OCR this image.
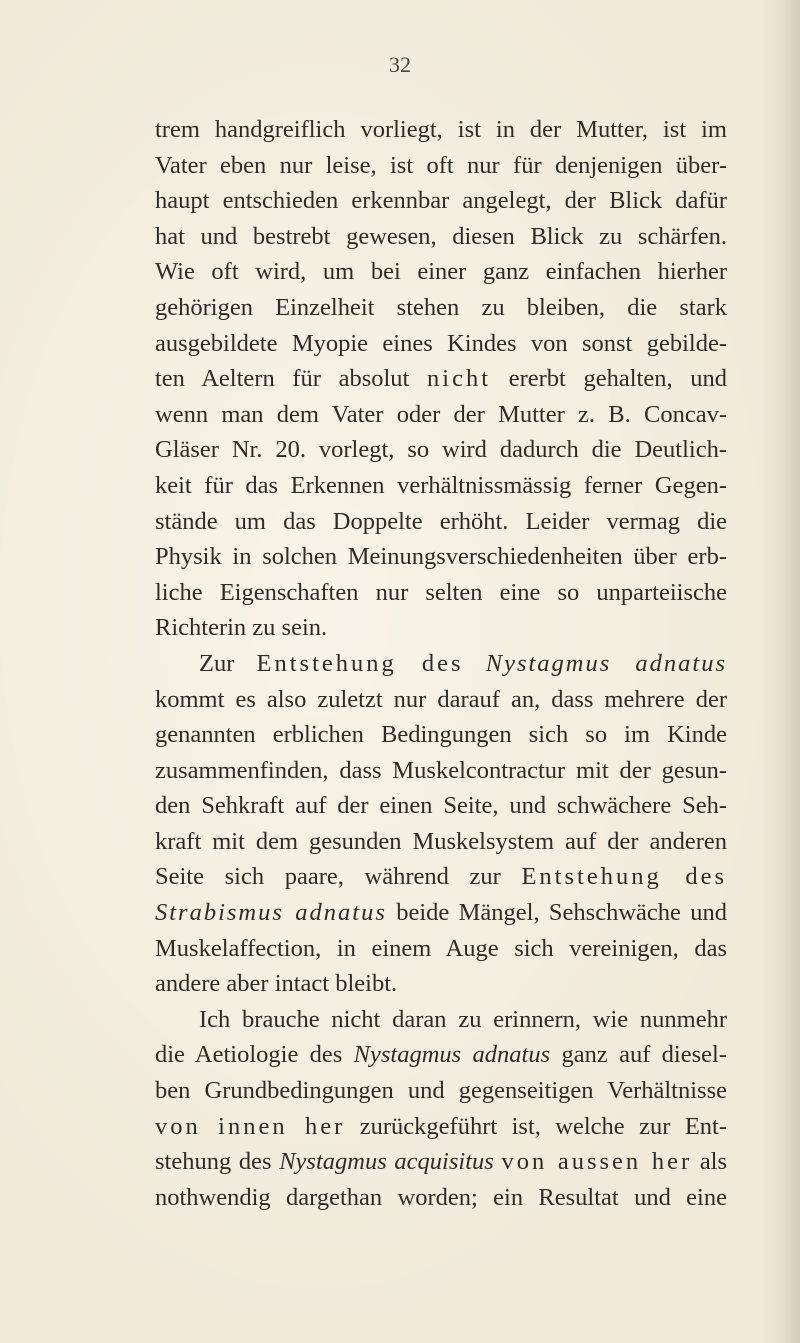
32
trem handgreiflich vorliegt, ist in der Mutter, ist im
Vater eben nur leise, ist oft nur für denjenigen über-
haupt entschieden erkennbar angelegt, der Blick dafür
hat und bestrebt gewesen, diesen Blick zu schärfen.
Wie oft wird, um bei einer ganz einfachen hierher
gehörigen Einzelheit stehen zu bleiben, die stark
ausgebildete Myopie eines Kindes von sonst gebilde-
ten Aeltern für absolut nicht ererbt gehalten, und
wenn man dem Vater oder der Mutter z. B. Concav-
Gläser Nr. 20. vorlegt, so wird dadurch die Deutlich-
keit für das Erkennen verhältnissmässig ferner Gegen-
stände um das Doppelte erhöht. Leider vermag die
Physik in solchen Meinungsverschiedenheiten über erb-
liche Eigenschaften nur selten eine so unparteiische
Richterin zu sein.
Zur Entstehung des Nystagmus adnatus
kommt es also zuletzt nur darauf an, dass mehrere der
genannten erblichen Bedingungen sich so im Kinde
zusammenfinden, dass Muskelcontractur mit der gesun-
den Sehkraft auf der einen Seite, und schwächere Seh-
kraft mit dem gesunden Muskelsystem auf der anderen
Seite sich paare, während zur Entstehung des
Strabismus adnatus beide Mängel, Sehschwäche und
Muskelaffection, in einem Auge sich vereinigen, das
andere aber intact bleibt.
Ich brauche nicht daran zu erinnern, wie nunmehr
die Aetiologie des Nystagmus adnatus ganz auf diesel-
ben Grundbedingungen und gegenseitigen Verhältnisse
von innen her zurückgeführt ist, welche zur Ent-
stehung des Nystagmus acquisitus von aussen her als
nothwendig dargethan worden; ein Resultat und eine
